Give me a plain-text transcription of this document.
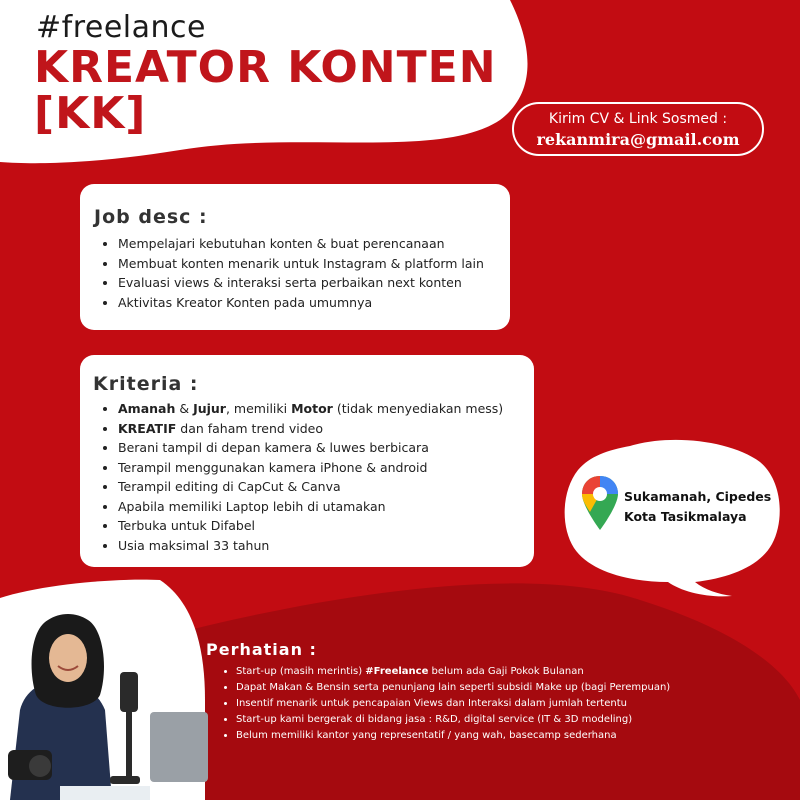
#freelance
KREATOR KONTEN
[KK]	Kirim CV & Link Sosmed :
rekanmira@gmail.com
Job desc :
• Mempelajari kebutuhan konten & buat perencanaan
• Membuat konten menarik untuk Instagram & platform lain
• Evaluasi views & interaksi serta perbaikan next konten
• Aktivitas Kreator Konten pada umumnya
Kriteria :
• Amanah & Jujur, memiliki Motor (tidak menyediakan mess)
• KREATIF dan faham trend video
• Berani tampil di depan kamera & luwes berbicara
• Terampil menggunakan kamera iPhone & android
• Terampil editing di CapCut & Canva
• Apabila memiliki Laptop lebih di utamakan
• Terbuka untuk Difabel
• Usia maksimal 33 tahun
Sukamanah, Cipedes
Kota Tasikmalaya
Perhatian :
• Start-up (masih merintis) #Freelance belum ada Gaji Pokok Bulanan
• Dapat Makan & Bensin serta penunjang lain seperti subsidi Make up (bagi Perempuan)
• Insentif menarik untuk pencapaian Views dan Interaksi dalam jumlah tertentu
• Start-up kami bergerak di bidang jasa : R&D, digital service (IT & 3D modeling)
• Belum memiliki kantor yang representatif / yang wah, basecamp sederhana
